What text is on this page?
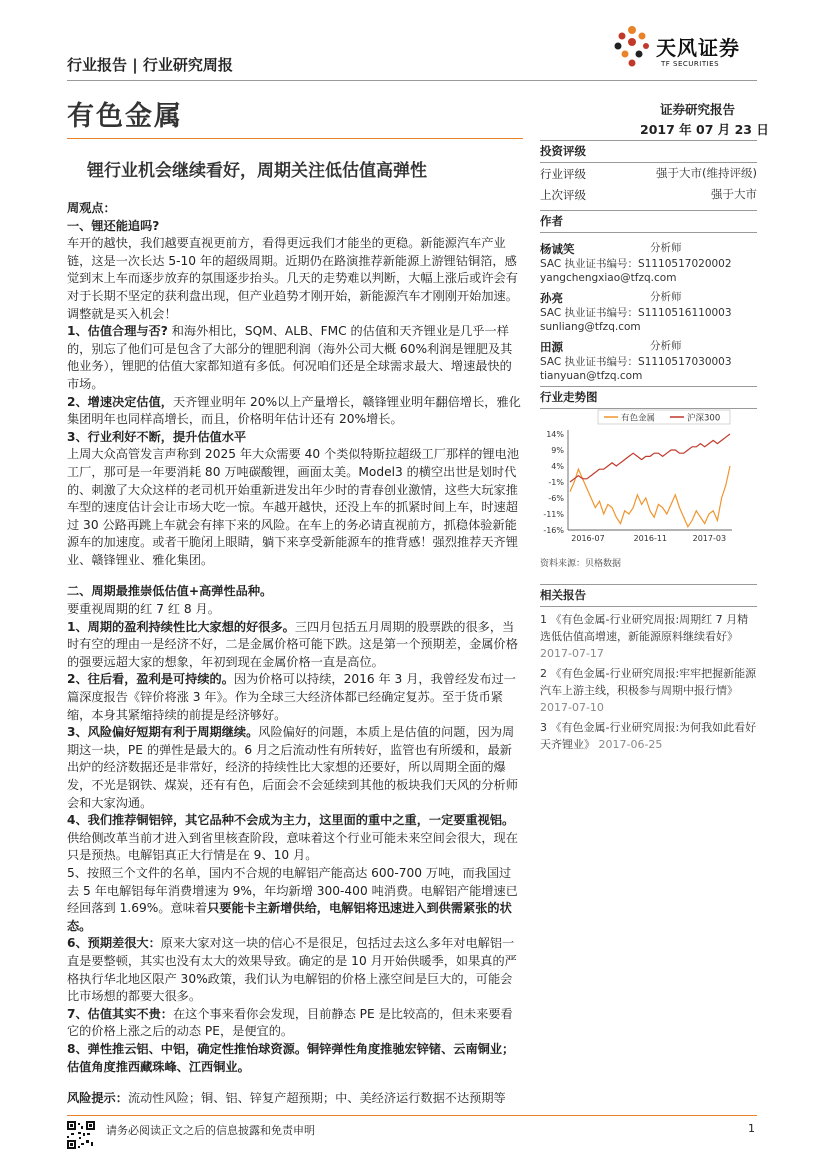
行业报告 | 行业研究周报
天风证券
TF SECURITIES
有色金属	证券研究报告
2017 年 07 月 23 日
锂行业机会继续看好，周期关注低估值高弹性
投资评级
行业评级	强于大市(维持评级)
上次评级	强于大市
作者
杨诚笑	分析师
SAC 执业证书编号：S1110517020002
yangchengxiao@tfzq.com
孙亮	分析师
SAC 执业证书编号：S1110516110003
sunliang@tfzq.com
田源	分析师
SAC 执业证书编号：S1110517030003
tianyuan@tfzq.com
行业走势图
有色金属	沪深300
14%
9%
4%
-1%
-6%
-11%
-16%
2016-07	2016-11	2017-03
资料来源：贝格数据
相关报告
1 《有色金属-行业研究周报:周期红 7 月精选低估值高增速，新能源原料继续看好》 2017-07-17
2 《有色金属-行业研究周报:牢牢把握新能源汽车上游主线，积极参与周期中报行情》 2017-07-10
3 《有色金属-行业研究周报:为何我如此看好天齐锂业》 2017-06-25

周观点：

一、锂还能追吗?

车开的越快，我们越要直视更前方，看得更远我们才能坐的更稳。新能源汽车产业链，这是一次长达 5-10 年的超级周期。近期仍在路演推荐新能源上游锂钴铜箔，感觉到末上车而逐步放弃的氛围逐步抬头。几天的走势难以判断，大幅上涨后或许会有对于长期不坚定的获利盘出现，但产业趋势才刚开始，新能源汽车才刚刚开始加速。调整就是买入机会！

1、估值合理与否? 和海外相比，SQM、ALB、FMC 的估值和天齐锂业是几乎一样的，别忘了他们可是包含了大部分的锂肥利润（海外公司大概 60%利润是锂肥及其他业务），锂肥的估值大家都知道有多低。何况咱们还是全球需求最大、增速最快的市场。

2、增速决定估值，天齐锂业明年 20%以上产量增长，赣锋锂业明年翻倍增长，雅化集团明年也同样高增长，而且，价格明年估计还有 20%增长。

3、行业利好不断，提升估值水平

上周大众高管发言声称到 2025 年大众需要 40 个类似特斯拉超级工厂那样的锂电池工厂，那可是一年要消耗 80 万吨碳酸锂，画面太美。Model3 的横空出世是划时代的、刺激了大众这样的老司机开始重新进发出年少时的青春创业激情，这些大玩家推车型的速度估计会让市场大吃一惊。车越开越快，还没上车的抓紧时间上车，时速超过 30 公路再跳上车就会有摔下来的风险。在车上的务必请直视前方，抓稳体验新能源车的加速度。或者干脆闭上眼睛，躺下来享受新能源车的推背感！强烈推荐天齐锂业、赣锋锂业、雅化集团。

二、周期最推崇低估值+高弹性品种。

要重视周期的红 7 红 8 月。

1、周期的盈利持续性比大家想的好很多。三四月包括五月周期的股票跌的很多，当时有空的理由一是经济不好，二是金属价格可能下跌。这是第一个预期差，金属价格的强要远超大家的想象，年初到现在金属价格一直是高位。

2、往后看，盈利是可持续的。因为价格可以持续，2016 年 3 月，我曾经发布过一篇深度报告《锌价将涨 3 年》。作为全球三大经济体都已经确定复苏。至于货币紧缩，本身其紧缩持续的前提是经济够好。

3、风险偏好短期有利于周期继续。风险偏好的问题，本质上是估值的问题，因为周期这一块，PE 的弹性是最大的。6 月之后流动性有所转好，监管也有所缓和，最新出炉的经济数据还是非常好，经济的持续性比大家想的还要好，所以周期全面的爆发，不光是钢铁、煤炭，还有有色，后面会不会延续到其他的板块我们天风的分析师会和大家沟通。

4、我们推荐铜铝锌，其它品种不会成为主力，这里面的重中之重，一定要重视铝。供给侧改革当前才进入到省里核查阶段，意味着这个行业可能未来空间会很大，现在只是预热。电解铝真正大行情是在 9、10 月。

5、按照三个文件的名单，国内不合规的电解铝产能高达 600-700 万吨，而我国过去 5 年电解铝每年消费增速为 9%，年均新增 300-400 吨消费。电解铝产能增速已经回落到 1.69%。意味着只要能卡主新增供给，电解铝将迅速进入到供需紧张的状态。

6、预期差很大：原来大家对这一块的信心不是很足，包括过去这么多年对电解铝一直是要整顿，其实也没有太大的效果导致。确定的是 10 月开始供暖季，如果真的严格执行华北地区限产 30%政策，我们认为电解铝的价格上涨空间是巨大的，可能会比市场想的都要大很多。

7、估值其实不贵：在这个事来看你会发现，目前静态 PE 是比较高的，但未来要看它的价格上涨之后的动态 PE，是便宜的。

8、弹性推云铝、中铝，确定性推怡球资源。铜锌弹性角度推驰宏锌锗、云南铜业；估值角度推西藏珠峰、江西铜业。

风险提示：流动性风险；铜、铝、锌复产超预期；中、美经济运行数据不达预期等

请务必阅读正文之后的信息披露和免责申明	1
